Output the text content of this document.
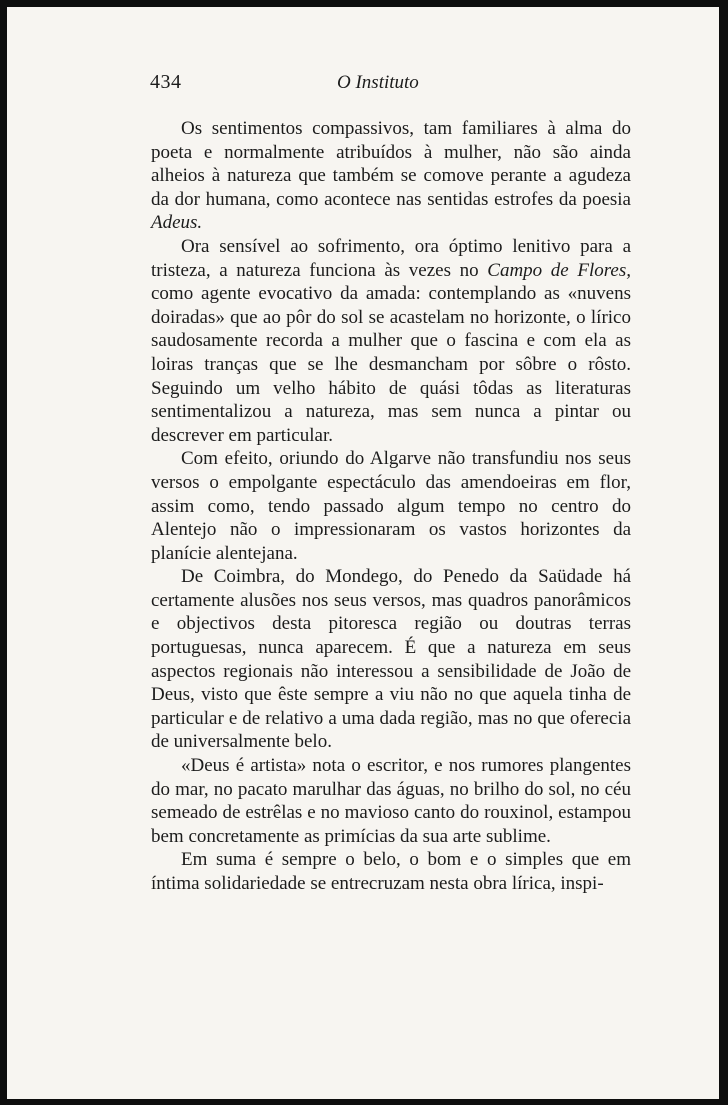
434	O Instituto

Os sentimentos compassivos, tam familiares à alma do poeta e normalmente atribuídos à mulher, não são ainda alheios à natureza que também se comove perante a agudeza da dor humana, como acontece nas sentidas estrofes da poesia Adeus.

Ora sensível ao sofrimento, ora óptimo lenitivo para a tristeza, a natureza funciona às vezes no Campo de Flores, como agente evocativo da amada: contemplando as «nuvens doiradas» que ao pôr do sol se acastelam no horizonte, o lírico saudosamente recorda a mulher que o fascina e com ela as loiras tranças que se lhe desmancham por sôbre o rôsto. Seguindo um velho hábito de quási tôdas as literaturas sentimentalizou a natureza, mas sem nunca a pintar ou descrever em particular.

Com efeito, oriundo do Algarve não transfundiu nos seus versos o empolgante espectáculo das amendoeiras em flor, assim como, tendo passado algum tempo no centro do Alentejo não o impressionaram os vastos horizontes da planície alentejana.

De Coimbra, do Mondego, do Penedo da Saüdade há certamente alusões nos seus versos, mas quadros panorâmicos e objectivos desta pitoresca região ou doutras terras portuguesas, nunca aparecem. É que a natureza em seus aspectos regionais não interessou a sensibilidade de João de Deus, visto que êste sempre a viu não no que aquela tinha de particular e de relativo a uma dada região, mas no que oferecia de universalmente belo.

«Deus é artista» nota o escritor, e nos rumores plangentes do mar, no pacato marulhar das águas, no brilho do sol, no céu semeado de estrêlas e no mavioso canto do rouxinol, estampou bem concretamente as primícias da sua arte sublime.

Em suma é sempre o belo, o bom e o simples que em íntima solidariedade se entrecruzam nesta obra lírica, inspi-
